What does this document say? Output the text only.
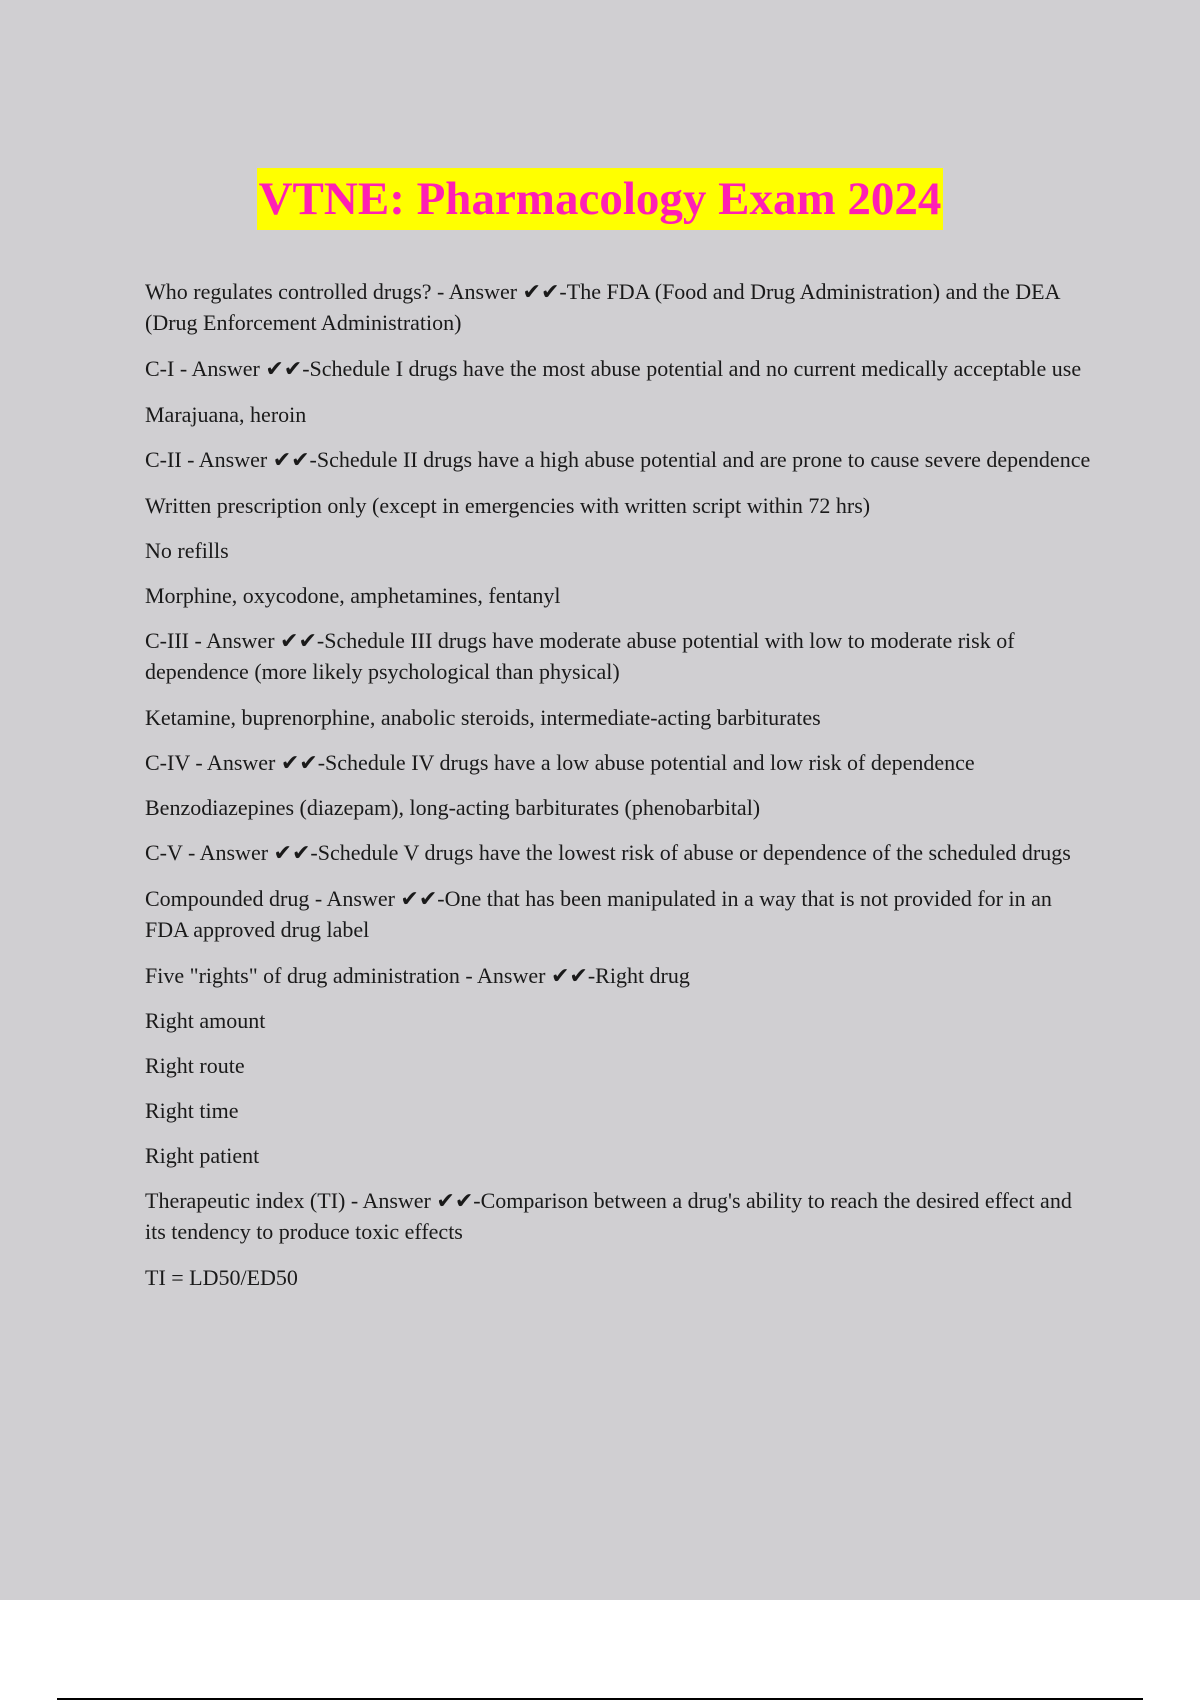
VTNE: Pharmacology Exam 2024

Who regulates controlled drugs? - Answer ✔✔-The FDA (Food and Drug Administration) and the DEA (Drug Enforcement Administration)

C-I - Answer ✔✔-Schedule I drugs have the most abuse potential and no current medically acceptable use

Marajuana, heroin

C-II - Answer ✔✔-Schedule II drugs have a high abuse potential and are prone to cause severe dependence

Written prescription only (except in emergencies with written script within 72 hrs)

No refills

Morphine, oxycodone, amphetamines, fentanyl

C-III - Answer ✔✔-Schedule III drugs have moderate abuse potential with low to moderate risk of dependence (more likely psychological than physical)

Ketamine, buprenorphine, anabolic steroids, intermediate-acting barbiturates

C-IV - Answer ✔✔-Schedule IV drugs have a low abuse potential and low risk of dependence

Benzodiazepines (diazepam), long-acting barbiturates (phenobarbital)

C-V - Answer ✔✔-Schedule V drugs have the lowest risk of abuse or dependence of the scheduled drugs

Compounded drug - Answer ✔✔-One that has been manipulated in a way that is not provided for in an FDA approved drug label

Five "rights" of drug administration - Answer ✔✔-Right drug

Right amount

Right route

Right time

Right patient

Therapeutic index (TI) - Answer ✔✔-Comparison between a drug's ability to reach the desired effect and its tendency to produce toxic effects

TI = LD50/ED50
